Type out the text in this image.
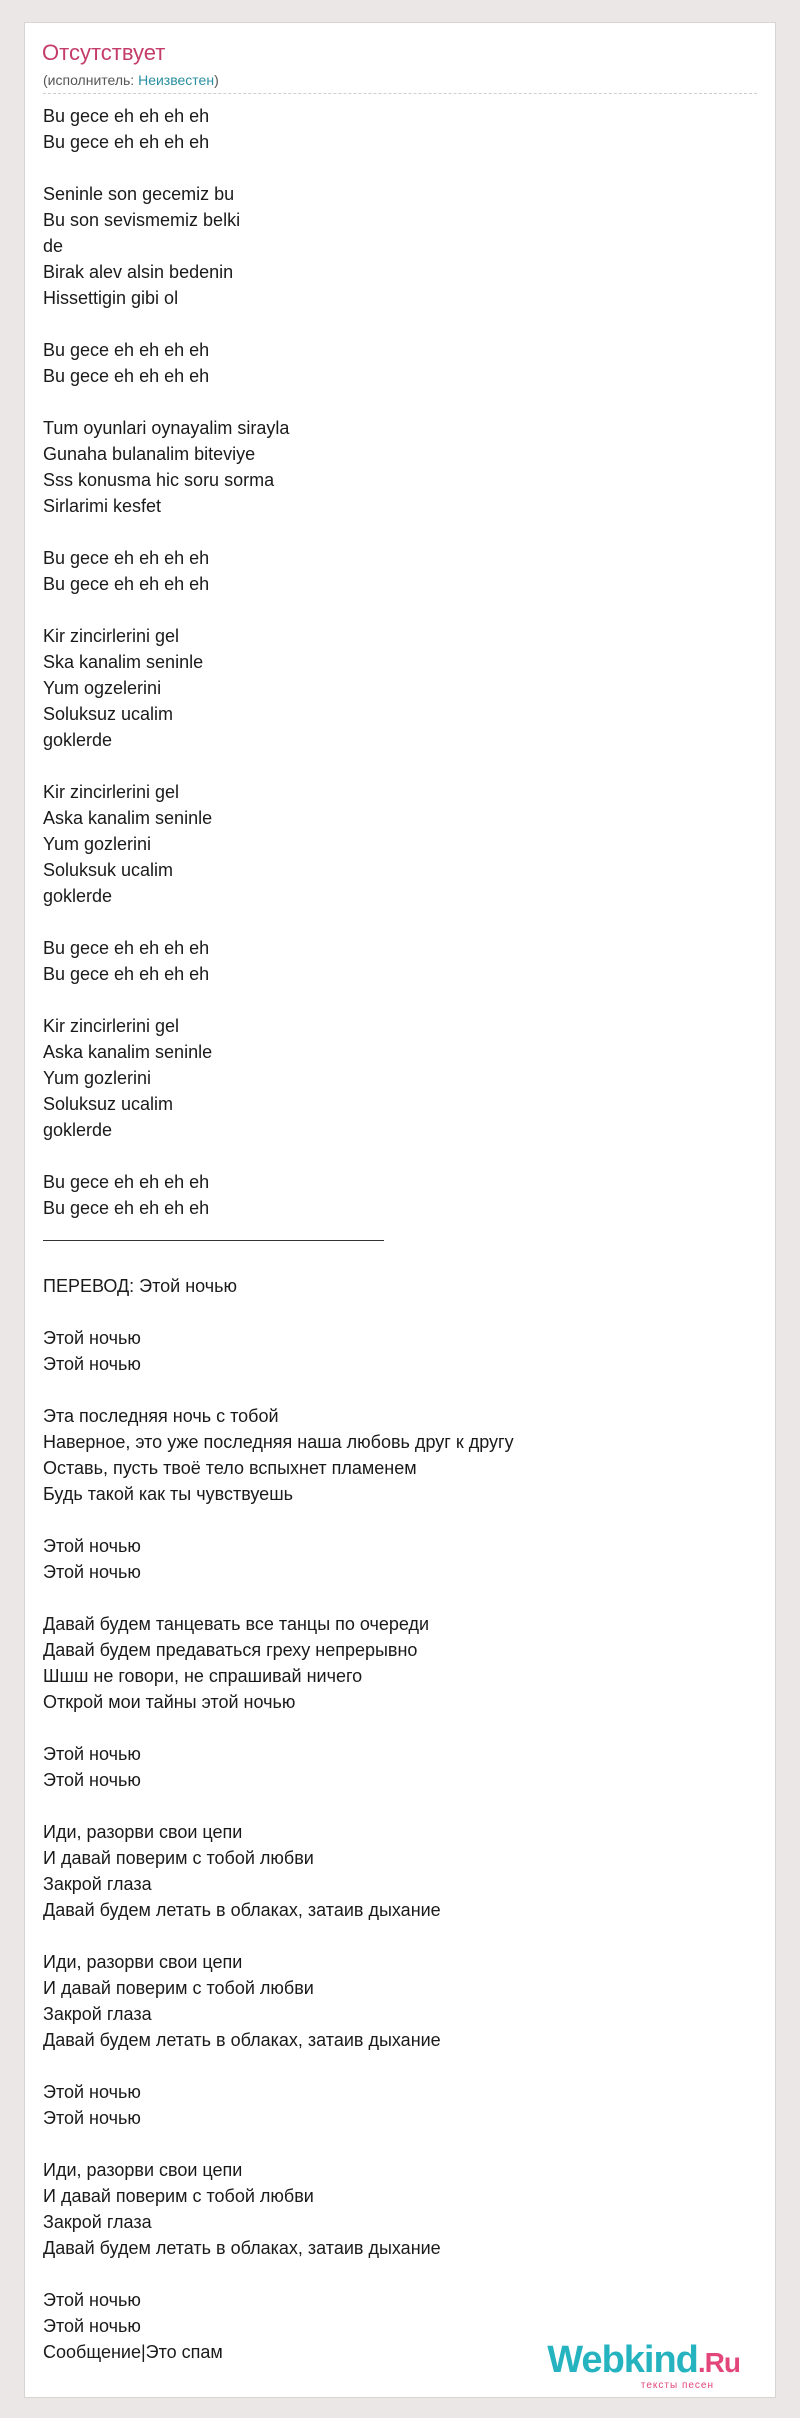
Отсутствует
(исполнитель: Неизвестен)
Bu gece eh eh eh eh
Bu gece eh eh eh eh
Seninle son gecemiz bu
Bu son sevismemiz belki
de
Birak alev alsin bedenin
Hissettigin gibi ol
Bu gece eh eh eh eh
Bu gece eh eh eh eh
Tum oyunlari oynayalim sirayla
Gunaha bulanalim biteviye
Sss konusma hic soru sorma
Sirlarimi kesfet
Bu gece eh eh eh eh
Bu gece eh eh eh eh
Kir zincirlerini gel
Ska kanalim seninle
Yum ogzelerini
Soluksuz ucalim
goklerde
Kir zincirlerini gel
Aska kanalim seninle
Yum gozlerini
Soluksuk ucalim
goklerde
Bu gece eh eh eh eh
Bu gece eh eh eh eh
Kir zincirlerini gel
Aska kanalim seninle
Yum gozlerini
Soluksuz ucalim
goklerde
Bu gece eh eh eh eh
Bu gece eh eh eh eh
ПЕРЕВОД: Этой ночью
Этой ночью
Этой ночью
Эта последняя ночь с тобой
Наверное, это уже последняя наша любовь друг к другу
Оставь, пусть твоё тело вспыхнет пламенем
Будь такой как ты чувствуешь
Этой ночью
Этой ночью
Давай будем танцевать все танцы по очереди
Давай будем предаваться греху непрерывно
Шшш не говори, не спрашивай ничего
Открой мои тайны этой ночью
Этой ночью
Этой ночью
Иди, разорви свои цепи
И давай поверим с тобой любви
Закрой глаза
Давай будем летать в облаках, затаив дыхание
Иди, разорви свои цепи
И давай поверим с тобой любви
Закрой глаза
Давай будем летать в облаках, затаив дыхание
Этой ночью
Этой ночью
Иди, разорви свои цепи
И давай поверим с тобой любви
Закрой глаза
Давай будем летать в облаках, затаив дыхание
Этой ночью
Этой ночью
Сообщение|Это спам	Webkind.Ru
тексты песен
